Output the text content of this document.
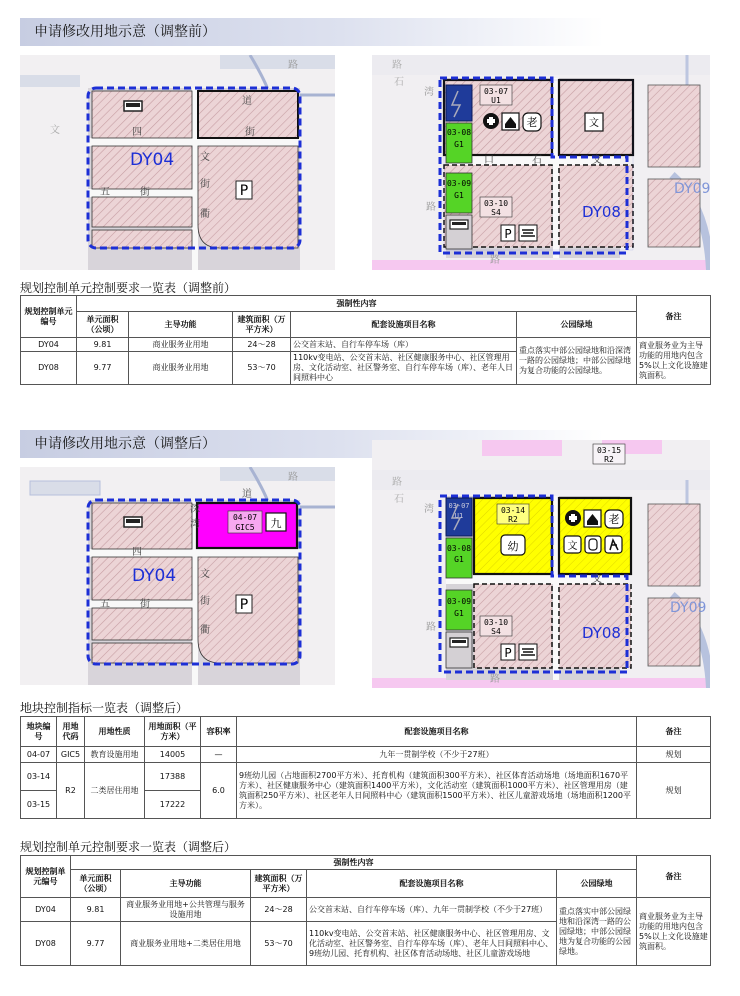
申请修改用地示意（调整前）
P
DY04
路
道
四	街
五	街
文
文
街
衢
03-07
U1
03-08
G1
03-09
G1
03-10
S4
老	文
P
DY08
DY09
路
石
湾
口	石	文
路
路
规划控制单元控制要求一览表（调整前）
规划控制单元编号	强制性内容					备注
	单元面积（公顷）	主导功能	建筑面积（万平方米）	配套设施项目名称	公园绿地	
DY04	9.81	商业服务业用地	24～28	公交首末站、自行车停车场（库）	重点落实中部公园绿地和沿深湾一路的公园绿地；中部公园绿地为复合功能的公园绿地。	商业服务业为主导功能的用地内包含5%以上文化设施建筑面积。
DY08	9.77	商业服务业用地	53～70	110kv变电站、公交首末站、社区健康服务中心、社区管理用房、文化活动室、社区警务室、自行车停车场（库）、老年人日间照料中心		
申请修改用地示意（调整后）
04-07
GIC5 九
P
DY04
路
道
深
湾
四
五	街
文
街
衢
03-14
R2
幼
03-15
R2
03-07
U1
03-08
G1
03-09
G1
03-10
S4
老
文
P
DY08
DY09
路
石
湾
文
路
路
地块控制指标一览表（调整后）
地块编号	用地代码	用地性质	用地面积（平方米）	容积率	配套设施项目名称	备注
04-07	GIC5	教育设施用地	14005	—	九年一贯制学校（不少于27班）	规划
03-14	R2	二类居住用地	17388	6.0	9班幼儿园（占地面积2700平方米）、托育机构（建筑面积300平方米）、社区体育活动场地（场地面积1670平方米）、社区健康服务中心（建筑面积1400平方米），文化活动室（建筑面积1000平方米）、社区管理用房（建筑面积250平方米）、社区老年人日间照料中心（建筑面积1500平方米）、社区儿童游戏场地（场地面积1200平方米）。	规划
03-15			17222			
规划控制单元控制要求一览表（调整后）
规划控制单元编号	强制性内容					备注
	单元面积（公顷）	主导功能	建筑面积（万平方米）	配套设施项目名称	公园绿地	
DY04	9.81	商业服务业用地+公共管理与服务设施用地	24～28	公交首末站、自行车停车场（库）、九年一贯制学校（不少于27班）	重点落实中部公园绿地和沿深湾一路的公园绿地；中部公园绿地为复合功能的公园绿地。	商业服务业为主导功能的用地内包含5%以上文化设施建筑面积。
DY08	9.77	商业服务业用地+二类居住用地	53～70	110kv变电站、公交首末站、社区健康服务中心、社区管理用房、文化活动室、社区警务室、自行车停车场（库）、老年人日间照料中心、9班幼儿园、托育机构、社区体育活动场地、社区儿童游戏场地		
